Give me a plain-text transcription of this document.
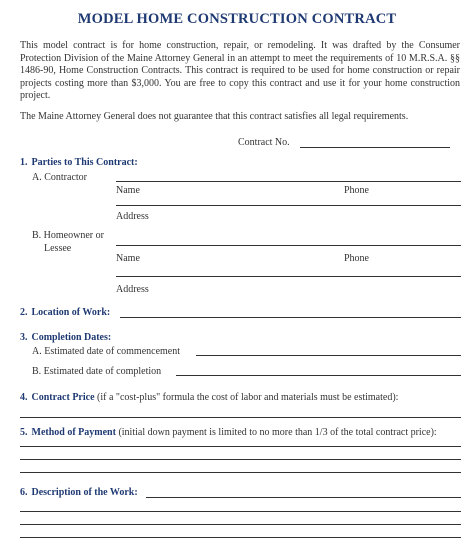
MODEL HOME CONSTRUCTION CONTRACT
This model contract is for home construction, repair, or remodeling. It was drafted by the Consumer Protection Division of the Maine Attorney General in an attempt to meet the requirements of 10 M.R.S.A. §§ 1486-90, Home Construction Contracts. This contract is required to be used for home construction or repair projects costing more than $3,000. You are free to copy this contract and use it for your home construction project.
The Maine Attorney General does not guarantee that this contract satisfies all legal requirements.
Contract No.
1. Parties to This Contract:
A. Contractor
Name	Phone
Address
B. Homeowner or
Lessee
Name	Phone
Address
2. Location of Work:
3. Completion Dates:
A. Estimated date of commencement
B. Estimated date of completion
4. Contract Price (if a "cost-plus" formula the cost of labor and materials must be estimated):
5. Method of Payment (initial down payment is limited to no more than 1/3 of the total contract price):
6. Description of the Work:
